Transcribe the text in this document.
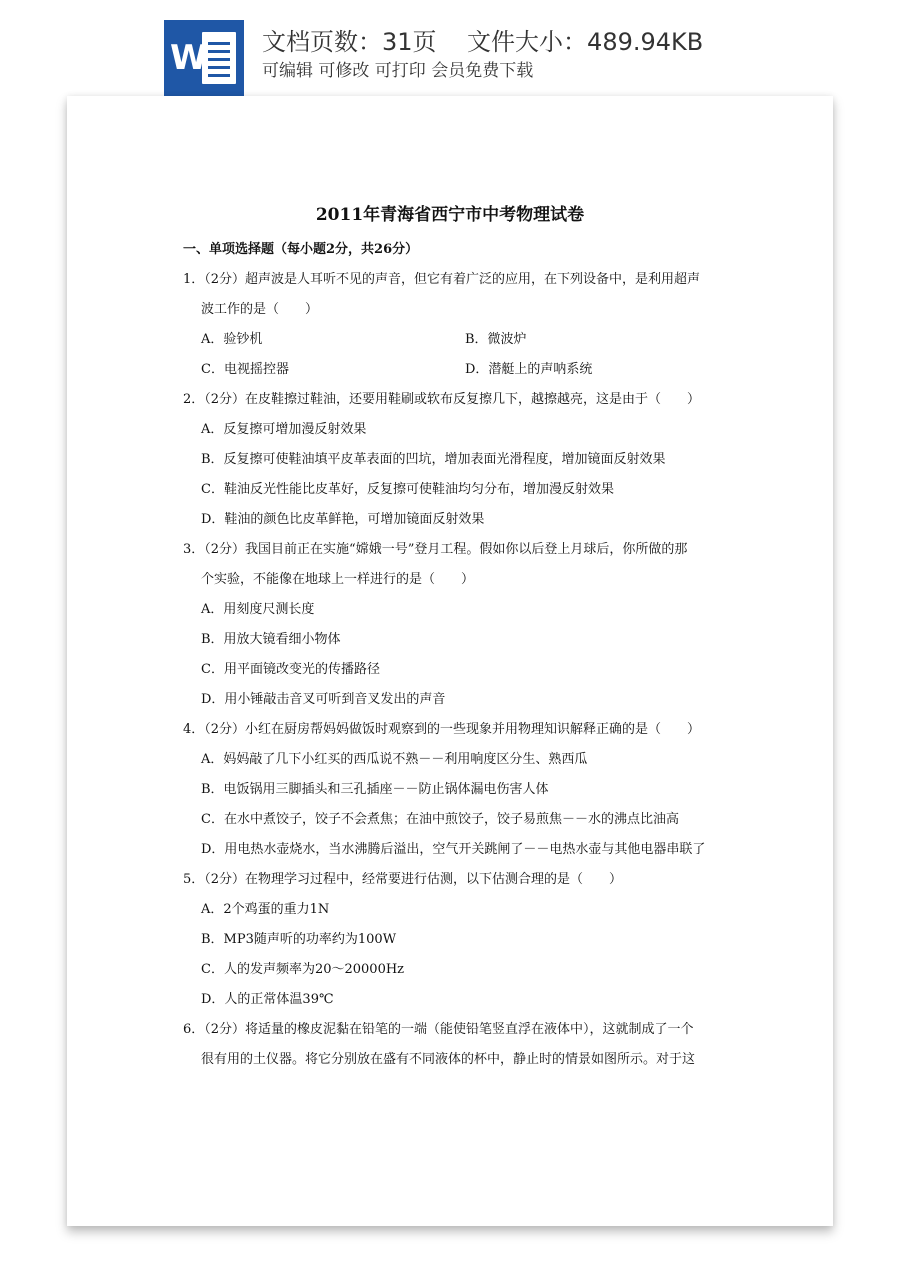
W 文档页数：31页    文件大小：489.94KB
可编辑 可修改 可打印 会员免费下载
2011年青海省西宁市中考物理试卷
一、单项选择题（每小题2分，共26分）
1．（2分）超声波是人耳听不见的声音，但它有着广泛的应用，在下列设备中，是利用超声
波工作的是（　　）
A．验钞机	B．微波炉
C．电视摇控器	D．潜艇上的声呐系统
2．（2分）在皮鞋擦过鞋油，还要用鞋刷或软布反复擦几下，越擦越亮，这是由于（　　）
A．反复擦可增加漫反射效果
B．反复擦可使鞋油填平皮革表面的凹坑，增加表面光滑程度，增加镜面反射效果
C．鞋油反光性能比皮革好，反复擦可使鞋油均匀分布，增加漫反射效果
D．鞋油的颜色比皮革鲜艳，可增加镜面反射效果
3．（2分）我国目前正在实施“嫦娥一号”登月工程。假如你以后登上月球后，你所做的那
个实验，不能像在地球上一样进行的是（　　）
A．用刻度尺测长度
B．用放大镜看细小物体
C．用平面镜改变光的传播路径
D．用小锤敲击音叉可听到音叉发出的声音
4．（2分）小红在厨房帮妈妈做饭时观察到的一些现象并用物理知识解释正确的是（　　）
A．妈妈敲了几下小红买的西瓜说不熟－－利用响度区分生、熟西瓜
B．电饭锅用三脚插头和三孔插座－－防止锅体漏电伤害人体
C．在水中煮饺子，饺子不会煮焦；在油中煎饺子，饺子易煎焦－－水的沸点比油高
D．用电热水壶烧水，当水沸腾后溢出，空气开关跳闸了－－电热水壶与其他电器串联了
5．（2分）在物理学习过程中，经常要进行估测，以下估测合理的是（　　）
A．2个鸡蛋的重力1N
B．MP3随声听的功率约为100W
C．人的发声频率为20～20000Hz
D．人的正常体温39℃
6．（2分）将适量的橡皮泥黏在铅笔的一端（能使铅笔竖直浮在液体中），这就制成了一个
很有用的土仪器。将它分别放在盛有不同液体的杯中，静止时的情景如图所示。对于这
